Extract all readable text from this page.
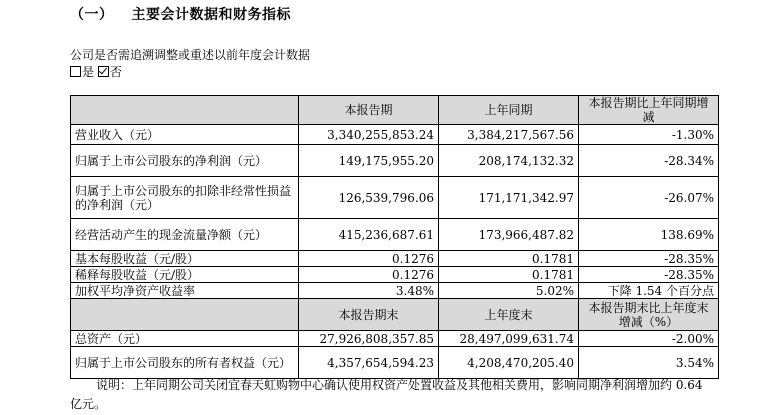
（一） 主要会计数据和财务指标
公司是否需追溯调整或重述以前年度会计数据
是 否
	本报告期	上年同期	本报告期比上年同期增减
营业收入（元）	3,340,255,853.24	3,384,217,567.56	-1.30%
归属于上市公司股东的净利润（元）	149,175,955.20	208,174,132.32	-28.34%
归属于上市公司股东的扣除非经常性损益的净利润（元）	126,539,796.06	171,171,342.97	-26.07%
经营活动产生的现金流量净额（元）	415,236,687.61	173,966,487.82	138.69%
基本每股收益（元/股）	0.1276	0.1781	-28.35%
稀释每股收益（元/股）	0.1276	0.1781	-28.35%
加权平均净资产收益率	3.48%	5.02%	下降 1.54 个百分点
	本报告期末	上年度末	本报告期末比上年度末增减（%）
总资产（元）	27,926,808,357.85	28,497,099,631.74	-2.00%
归属于上市公司股东的所有者权益（元）	4,357,654,594.23	4,208,470,205.40	3.54%
说明：上年同期公司关闭宜春天虹购物中心确认使用权资产处置收益及其他相关费用，影响同期净利润增加约 0.64 亿元。
